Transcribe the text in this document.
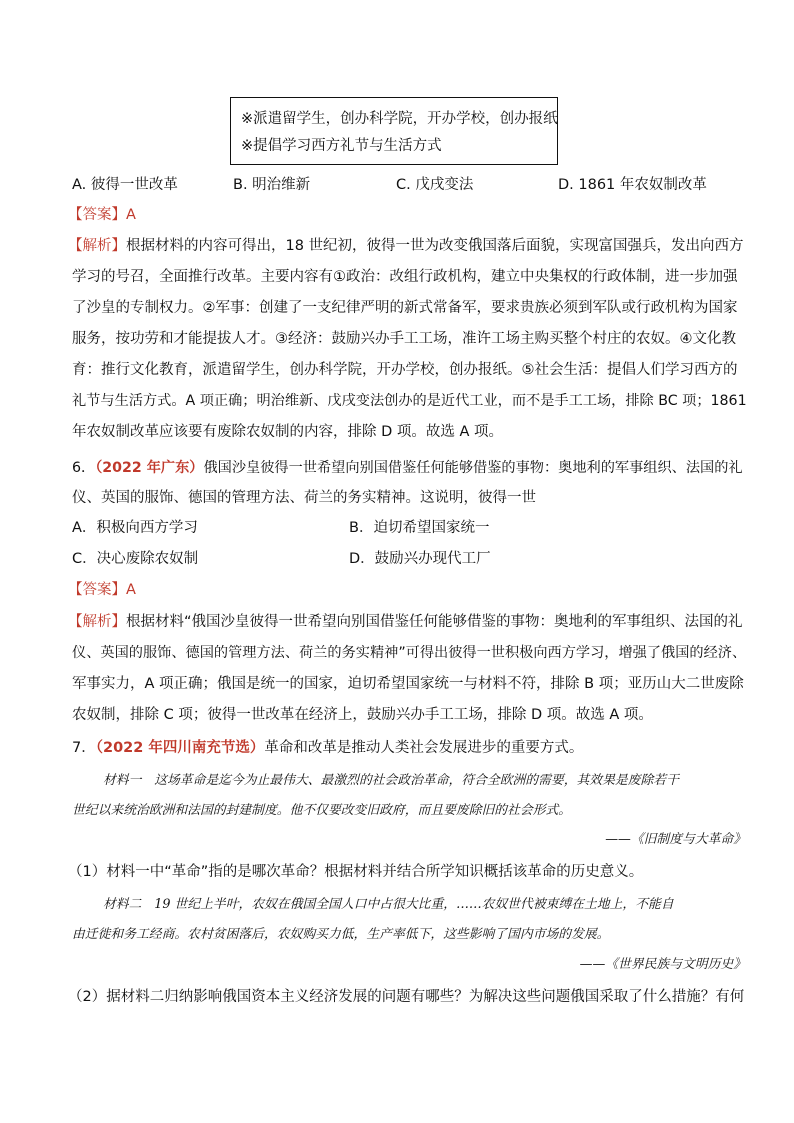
※派遣留学生，创办科学院，开办学校，创办报纸
※提倡学习西方礼节与生活方式
A. 彼得一世改革	B. 明治维新	C. 戊戌变法	D. 1861 年农奴制改革
【答案】A
【解析】根据材料的内容可得出，18 世纪初，彼得一世为改变俄国落后面貌，实现富国强兵，发出向西方
学习的号召，全面推行改革。主要内容有①政治：改组行政机构，建立中央集权的行政体制，进一步加强
了沙皇的专制权力。②军事：创建了一支纪律严明的新式常备军，要求贵族必须到军队或行政机构为国家
服务，按功劳和才能提拔人才。③经济：鼓励兴办手工工场，准许工场主购买整个村庄的农奴。④文化教
育：推行文化教育，派遣留学生，创办科学院，开办学校，创办报纸。⑤社会生活：提倡人们学习西方的
礼节与生活方式。A 项正确；明治维新、戊戌变法创办的是近代工业，而不是手工工场，排除 BC 项；1861
年农奴制改革应该要有废除农奴制的内容，排除 D 项。故选 A 项。
6．（2022 年广东）俄国沙皇彼得一世希望向别国借鉴任何能够借鉴的事物：奥地利的军事组织、法国的礼
仪、英国的服饰、德国的管理方法、荷兰的务实精神。这说明，彼得一世
A．积极向西方学习	B．迫切希望国家统一
C．决心废除农奴制	D．鼓励兴办现代工厂
【答案】A
【解析】根据材料“俄国沙皇彼得一世希望向别国借鉴任何能够借鉴的事物：奥地利的军事组织、法国的礼
仪、英国的服饰、德国的管理方法、荷兰的务实精神”可得出彼得一世积极向西方学习，增强了俄国的经济、
军事实力，A 项正确；俄国是统一的国家，迫切希望国家统一与材料不符，排除 B 项；亚历山大二世废除
农奴制，排除 C 项；彼得一世改革在经济上，鼓励兴办手工工场，排除 D 项。故选 A 项。
7．（2022 年四川南充节选）革命和改革是推动人类社会发展进步的重要方式。
材料一　这场革命是迄今为止最伟大、最激烈的社会政治革命，符合全欧洲的需要，其效果是废除若干
世纪以来统治欧洲和法国的封建制度。他不仅要改变旧政府，而且要废除旧的社会形式。
——《旧制度与大革命》
（1）材料一中“革命”指的是哪次革命？根据材料并结合所学知识概括该革命的历史意义。
材料二　19 世纪上半叶，农奴在俄国全国人口中占很大比重，……农奴世代被束缚在土地上，不能自
由迁徙和务工经商。农村贫困落后，农奴购买力低，生产率低下，这些影响了国内市场的发展。
——《世界民族与文明历史》
（2）据材料二归纳影响俄国资本主义经济发展的问题有哪些？为解决这些问题俄国采取了什么措施？有何
